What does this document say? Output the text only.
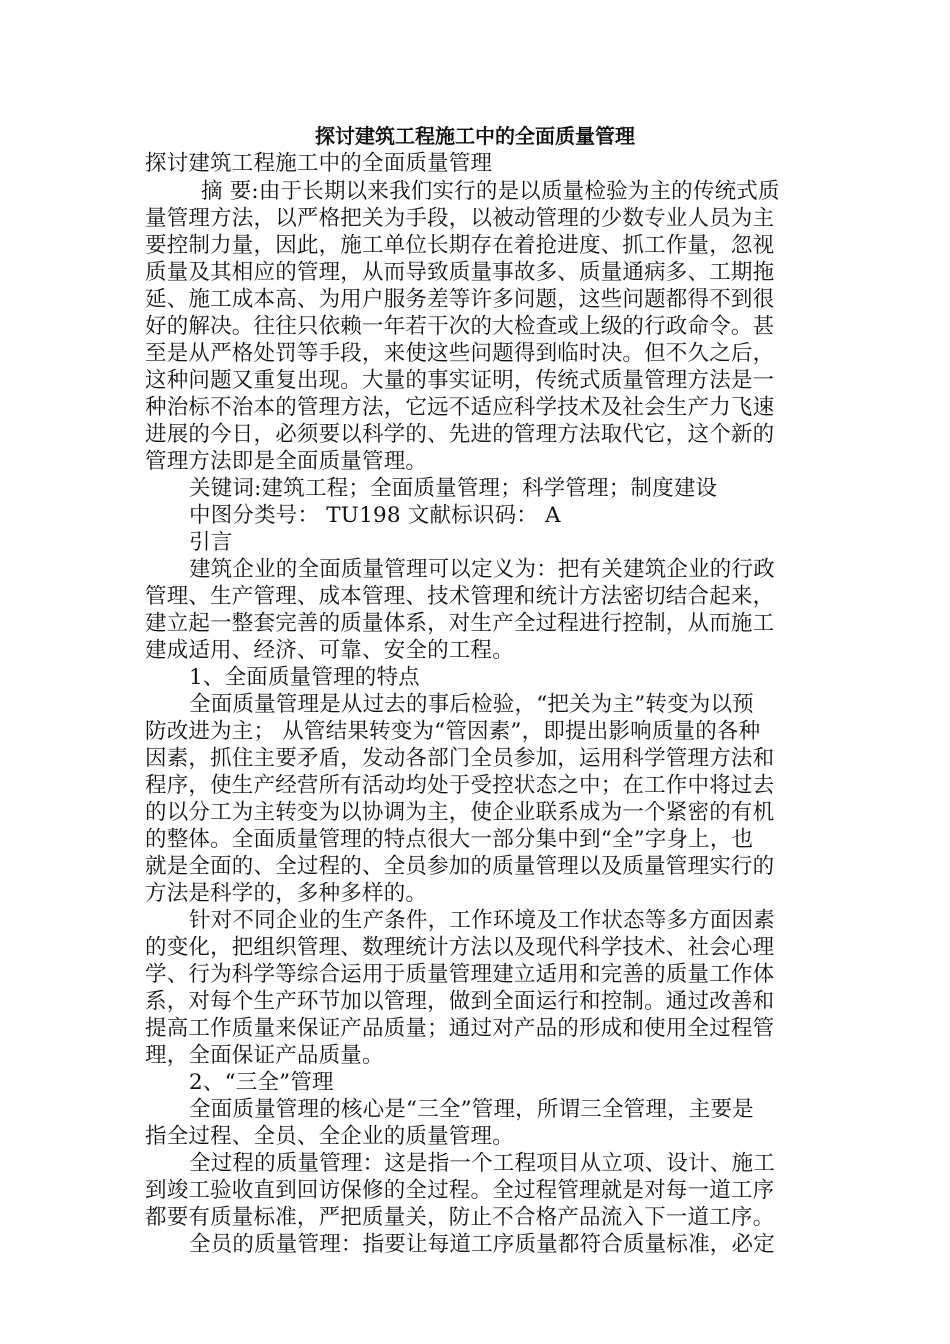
探讨建筑工程施工中的全面质量管理
探讨建筑工程施工中的全面质量管理
摘 要:由于长期以来我们实行的是以质量检验为主的传统式质
量管理方法，以严格把关为手段，以被动管理的少数专业人员为主
要控制力量，因此，施工单位长期存在着抢进度、抓工作量，忽视
质量及其相应的管理，从而导致质量事故多、质量通病多、工期拖
延、施工成本高、为用户服务差等许多问题，这些问题都得不到很
好的解决。往往只依赖一年若干次的大检查或上级的行政命令。甚
至是从严格处罚等手段，来使这些问题得到临时决。但不久之后，
这种问题又重复出现。大量的事实证明，传统式质量管理方法是一
种治标不治本的管理方法，它远不适应科学技术及社会生产力飞速
进展的今日，必须要以科学的、先进的管理方法取代它，这个新的
管理方法即是全面质量管理。
关键词:建筑工程；全面质量管理；科学管理；制度建设
中图分类号： TU198 文献标识码： A
引言
建筑企业的全面质量管理可以定义为：把有关建筑企业的行政
管理、生产管理、成本管理、技术管理和统计方法密切结合起来，
建立起一整套完善的质量体系，对生产全过程进行控制，从而施工
建成适用、经济、可靠、安全的工程。
1、全面质量管理的特点
全面质量管理是从过去的事后检验，“把关为主”转变为以预
防改进为主； 从管结果转变为“管因素”，即提出影响质量的各种
因素，抓住主要矛盾，发动各部门全员参加，运用科学管理方法和
程序，使生产经营所有活动均处于受控状态之中；在工作中将过去
的以分工为主转变为以协调为主，使企业联系成为一个紧密的有机
的整体。全面质量管理的特点很大一部分集中到“全”字身上，也
就是全面的、全过程的、全员参加的质量管理以及质量管理实行的
方法是科学的，多种多样的。
针对不同企业的生产条件，工作环境及工作状态等多方面因素
的变化，把组织管理、数理统计方法以及现代科学技术、社会心理
学、行为科学等综合运用于质量管理建立适用和完善的质量工作体
系，对每个生产环节加以管理，做到全面运行和控制。通过改善和
提高工作质量来保证产品质量；通过对产品的形成和使用全过程管
理，全面保证产品质量。
2、“三全”管理
全面质量管理的核心是“三全”管理，所谓三全管理，主要是
指全过程、全员、全企业的质量管理。
全过程的质量管理：这是指一个工程项目从立项、设计、施工
到竣工验收直到回访保修的全过程。全过程管理就是对每一道工序
都要有质量标准，严把质量关，防止不合格产品流入下一道工序。
全员的质量管理：指要让每道工序质量都符合质量标准，必定
